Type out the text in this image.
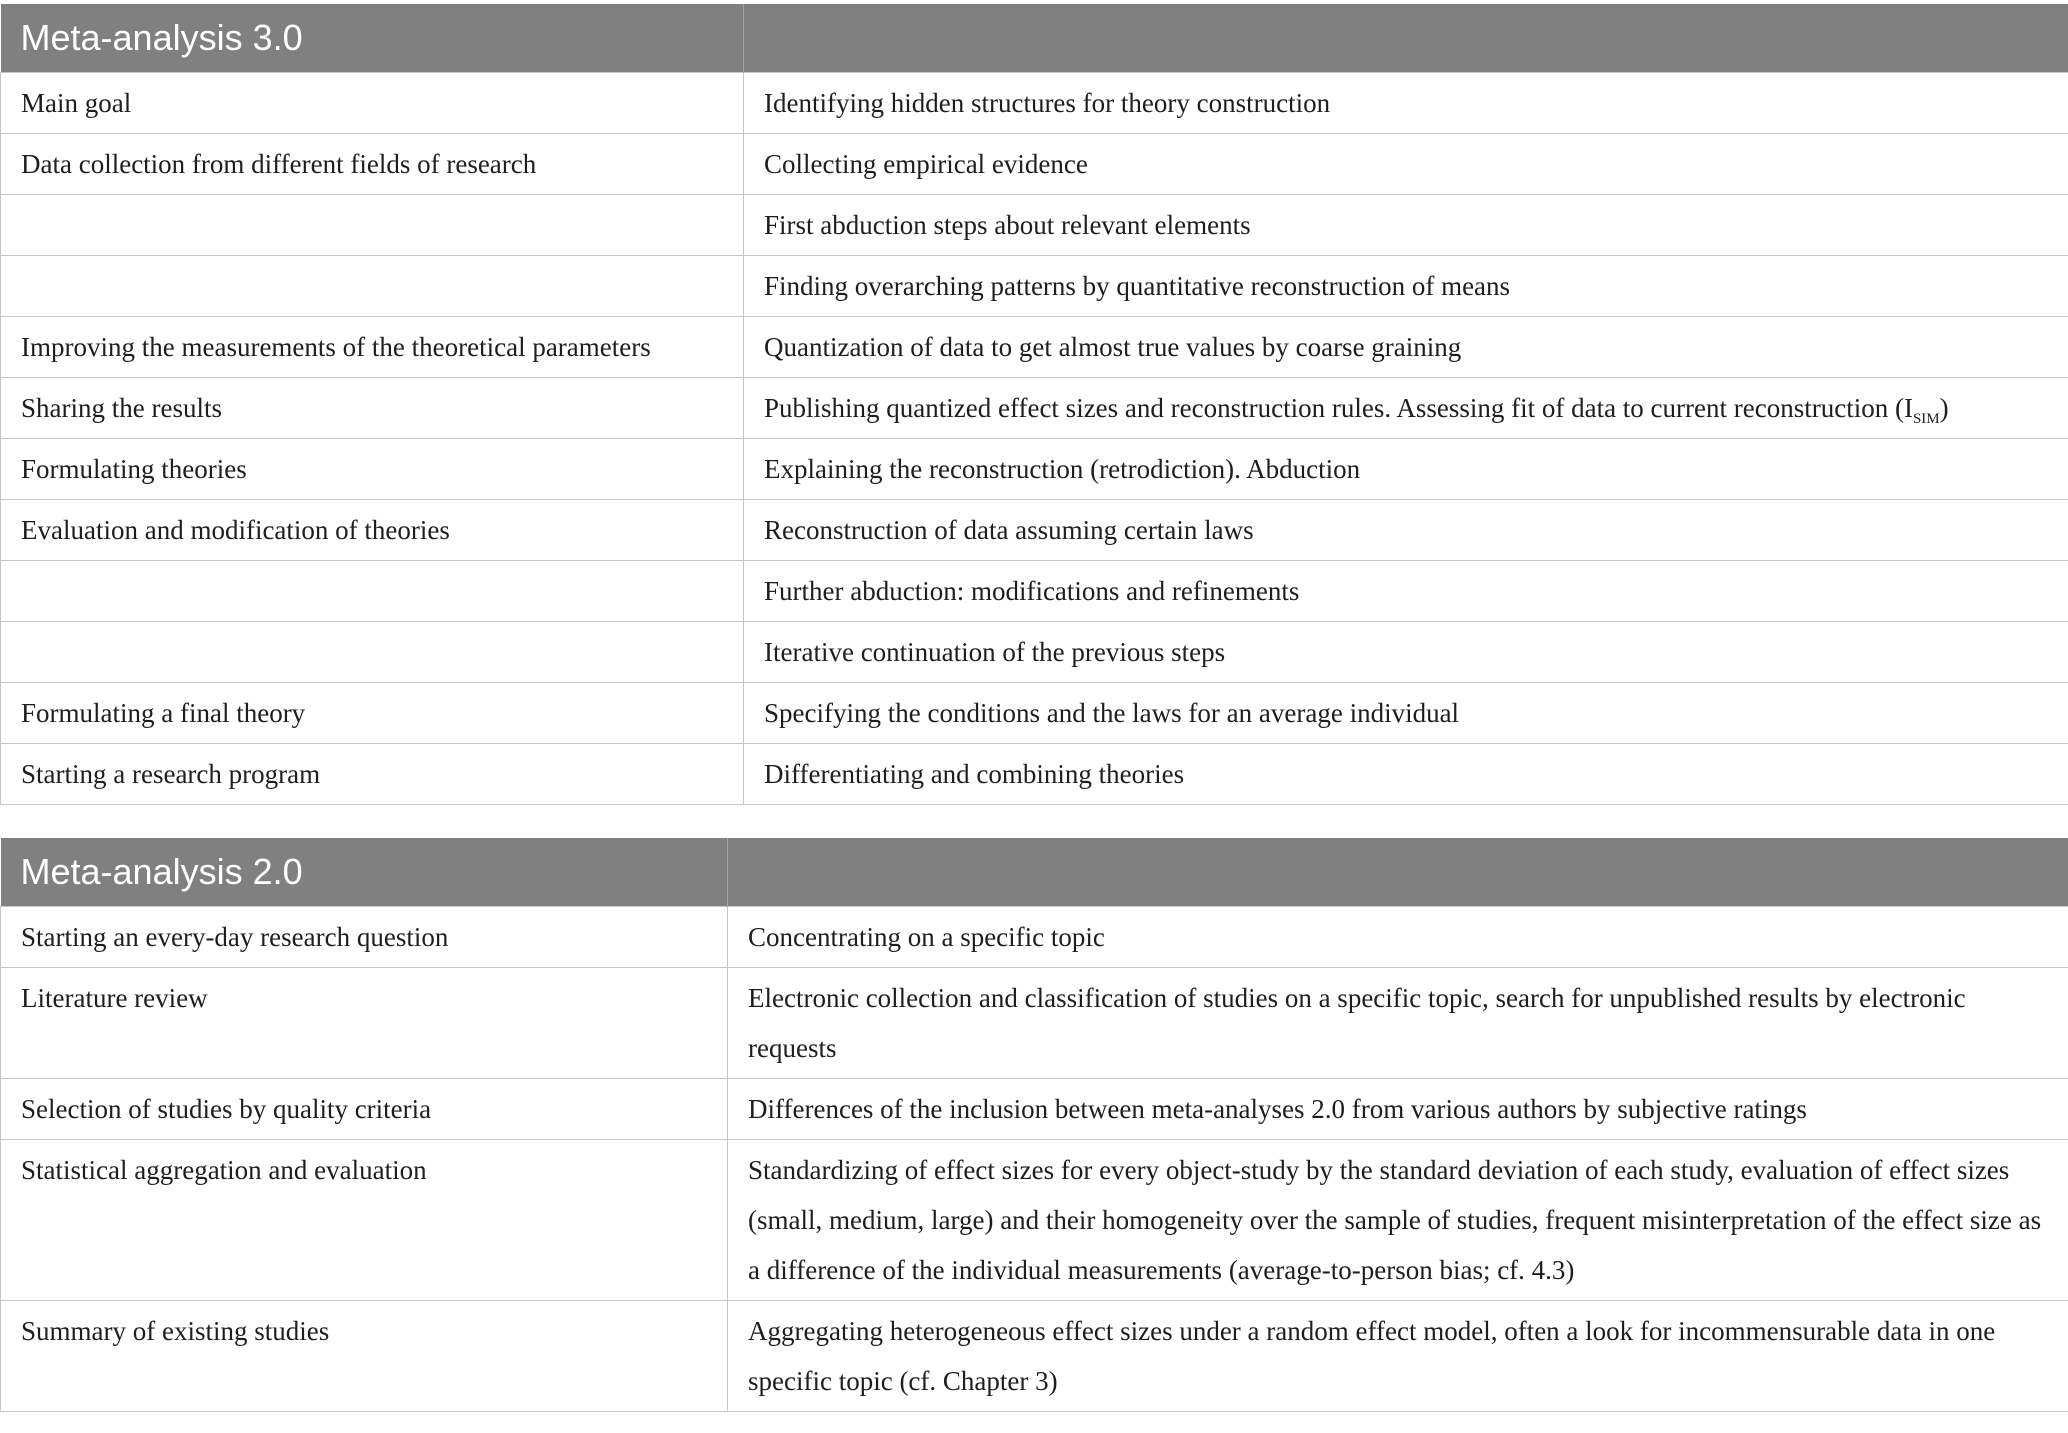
Meta-analysis 3.0	
Main goal	Identifying hidden structures for theory construction
Data collection from different fields of research	Collecting empirical evidence
	First abduction steps about relevant elements
	Finding overarching patterns by quantitative reconstruction of means
Improving the measurements of the theoretical parameters	Quantization of data to get almost true values by coarse graining
Sharing the results	Publishing quantized effect sizes and reconstruction rules. Assessing fit of data to current reconstruction $(I_{SIM})$
Formulating theories	Explaining the reconstruction (retrodiction). Abduction
Evaluation and modification of theories	Reconstruction of data assuming certain laws
	Further abduction: modifications and refinements
	Iterative continuation of the previous steps
Formulating a final theory	Specifying the conditions and the laws for an average individual
Starting a research program	Differentiating and combining theories
Meta-analysis 2.0	
Starting an every-day research question	Concentrating on a specific topic
Literature review	Electronic collection and classification of studies on a specific topic, search for unpublished results by electronic requests
Selection of studies by quality criteria	Differences of the inclusion between meta-analyses 2.0 from various authors by subjective ratings
Statistical aggregation and evaluation	Standardizing of effect sizes for every object-study by the standard deviation of each study, evaluation of effect sizes (small, medium, large) and their homogeneity over the sample of studies, frequent misinterpretation of the effect size as a difference of the individual measurements (average-to-person bias; cf. 4.3)
Summary of existing studies	Aggregating heterogeneous effect sizes under a random effect model, often a look for incommensurable data in one specific topic (cf. Chapter 3)
